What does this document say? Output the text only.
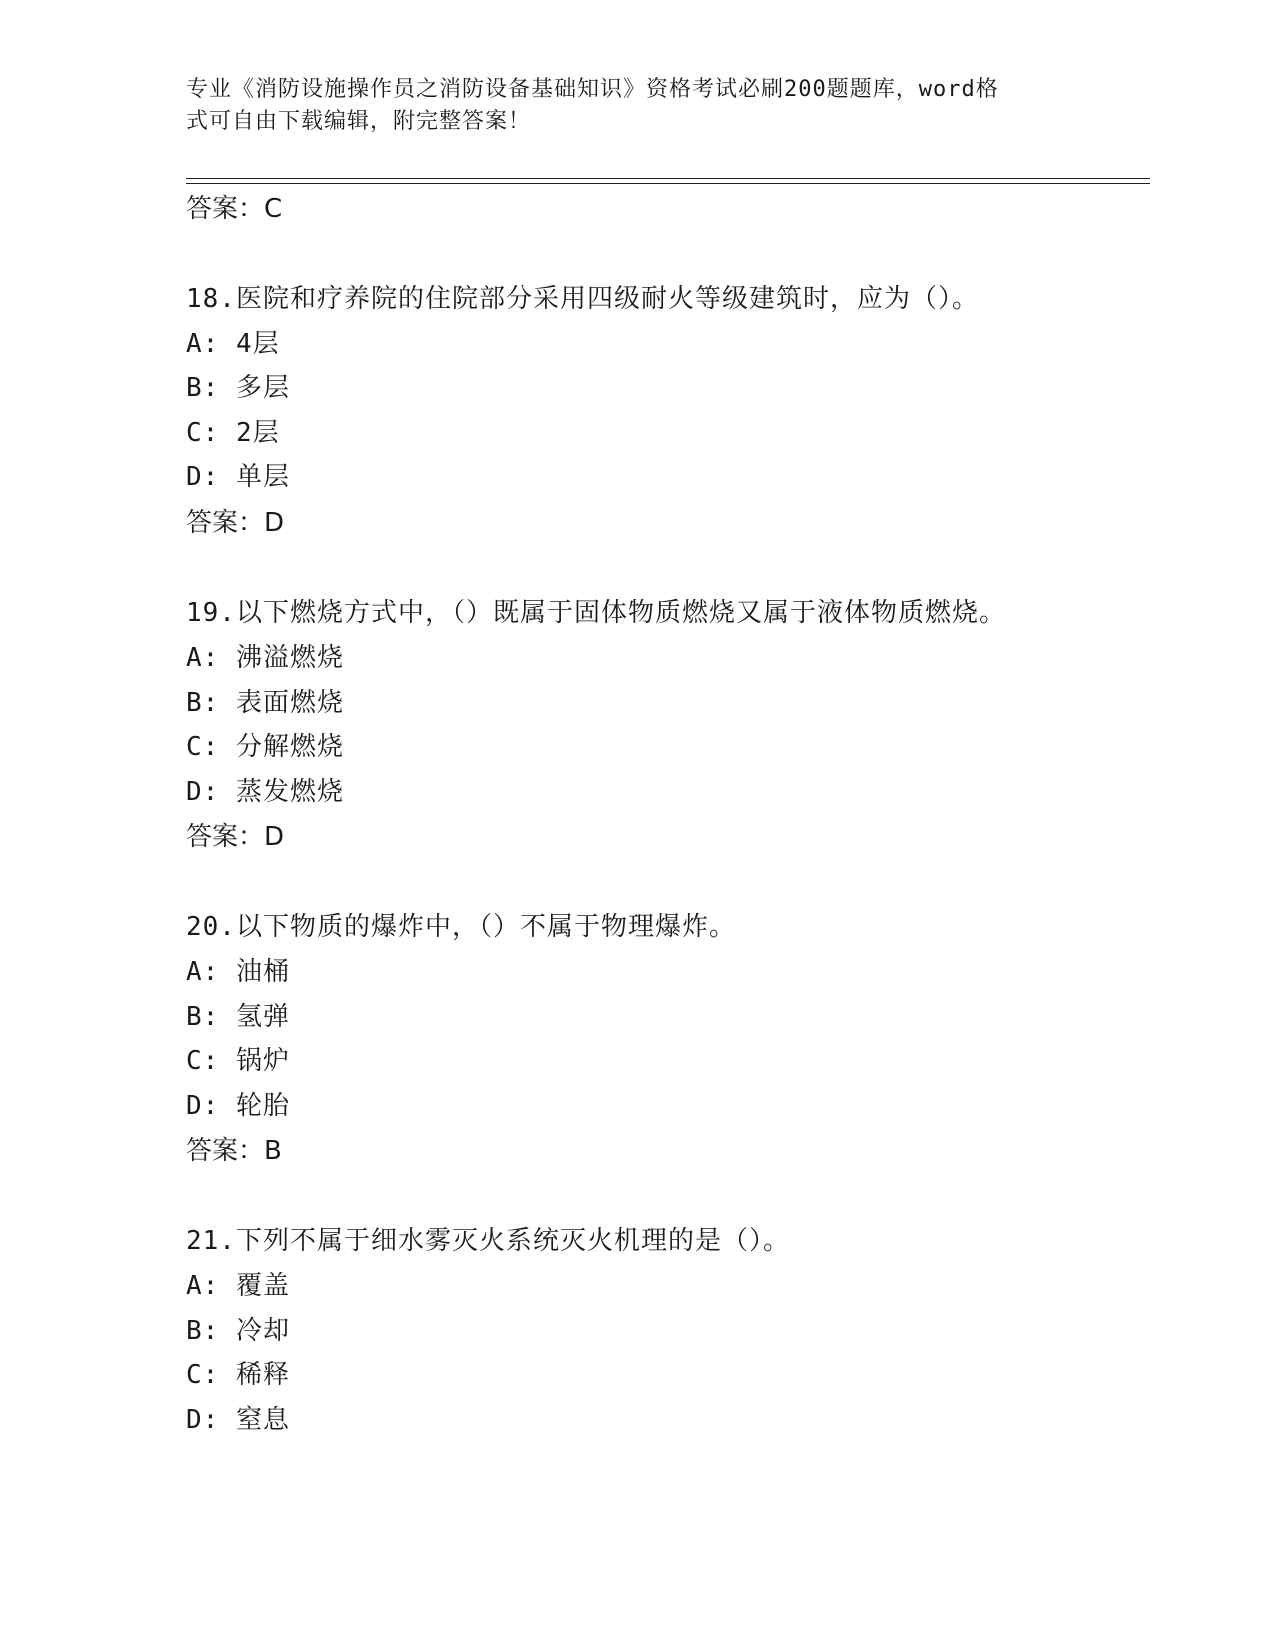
专业《消防设施操作员之消防设备基础知识》资格考试必刷200题题库，word格
式可自由下载编辑，附完整答案！
答案：C
18.医院和疗养院的住院部分采用四级耐火等级建筑时，应为（）。
A: 4层
B: 多层
C: 2层
D: 单层
答案：D
19.以下燃烧方式中，（）既属于固体物质燃烧又属于液体物质燃烧。
A: 沸溢燃烧
B: 表面燃烧
C: 分解燃烧
D: 蒸发燃烧
答案：D
20.以下物质的爆炸中，（）不属于物理爆炸。
A: 油桶
B: 氢弹
C: 锅炉
D: 轮胎
答案：B
21.下列不属于细水雾灭火系统灭火机理的是（）。
A: 覆盖
B: 冷却
C: 稀释
D: 窒息
